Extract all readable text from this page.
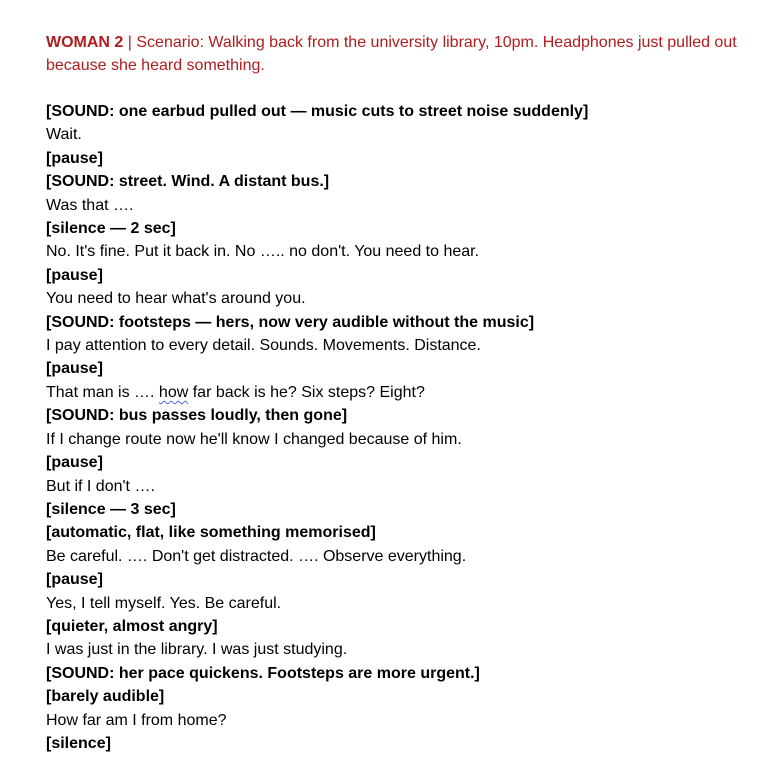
WOMAN 2 | Scenario: Walking back from the university library, 10pm. Headphones just pulled out because she heard something.

[SOUND: one earbud pulled out — music cuts to street noise suddenly]
Wait.
[pause]
[SOUND: street. Wind. A distant bus.]
Was that ….
[silence — 2 sec]
No. It's fine. Put it back in. No ….. no don't. You need to hear.
[pause]
You need to hear what's around you.
[SOUND: footsteps — hers, now very audible without the music]
I pay attention to every detail. Sounds. Movements. Distance.
[pause]
That man is …. how far back is he? Six steps? Eight?
[SOUND: bus passes loudly, then gone]
If I change route now he'll know I changed because of him.
[pause]
But if I don't ….
[silence — 3 sec]
[automatic, flat, like something memorised]
Be careful. …. Don't get distracted. …. Observe everything.
[pause]
Yes, I tell myself. Yes. Be careful.
[quieter, almost angry]
I was just in the library. I was just studying.
[SOUND: her pace quickens. Footsteps are more urgent.]
[barely audible]
How far am I from home?
[silence]
